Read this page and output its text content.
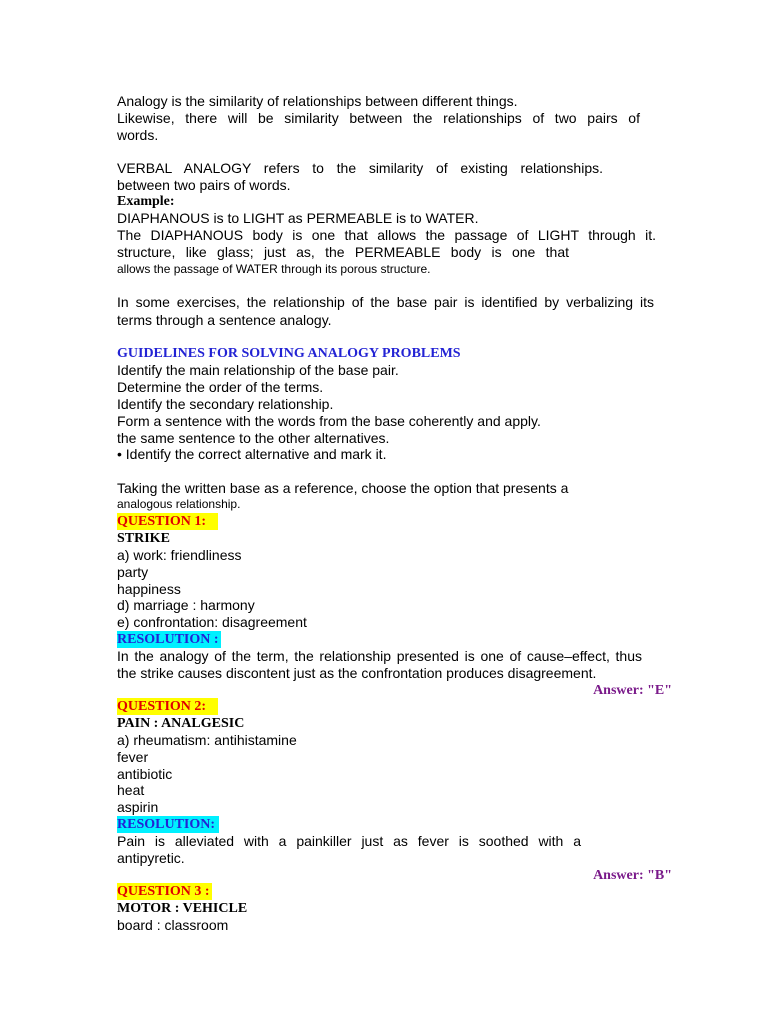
Analogy is the similarity of relationships between different things.
Likewise, there will be similarity between the relationships of two pairs of
words.
VERBAL ANALOGY refers to the similarity of existing relationships.
between two pairs of words.
Example:
DIAPHANOUS is to LIGHT as PERMEABLE is to WATER.
The DIAPHANOUS body is one that allows the passage of LIGHT through it.
structure, like glass; just as, the PERMEABLE body is one that
allows the passage of WATER through its porous structure.
In some exercises, the relationship of the base pair is identified by verbalizing its
terms through a sentence analogy.
GUIDELINES FOR SOLVING ANALOGY PROBLEMS
Identify the main relationship of the base pair.
Determine the order of the terms.
Identify the secondary relationship.
Form a sentence with the words from the base coherently and apply.
the same sentence to the other alternatives.
• Identify the correct alternative and mark it.
Taking the written base as a reference, choose the option that presents a
analogous relationship.
QUESTION 1:
STRIKE
a) work: friendliness
party
happiness
d) marriage : harmony
e) confrontation: disagreement
RESOLUTION :
In the analogy of the term, the relationship presented is one of cause–effect, thus
the strike causes discontent just as the confrontation produces disagreement.
Answer: "E"
QUESTION 2:
PAIN : ANALGESIC
a) rheumatism: antihistamine
fever
antibiotic
heat
aspirin
RESOLUTION:
Pain is alleviated with a painkiller just as fever is soothed with a
antipyretic.
Answer: "B"
QUESTION 3 :
MOTOR : VEHICLE
board : classroom
